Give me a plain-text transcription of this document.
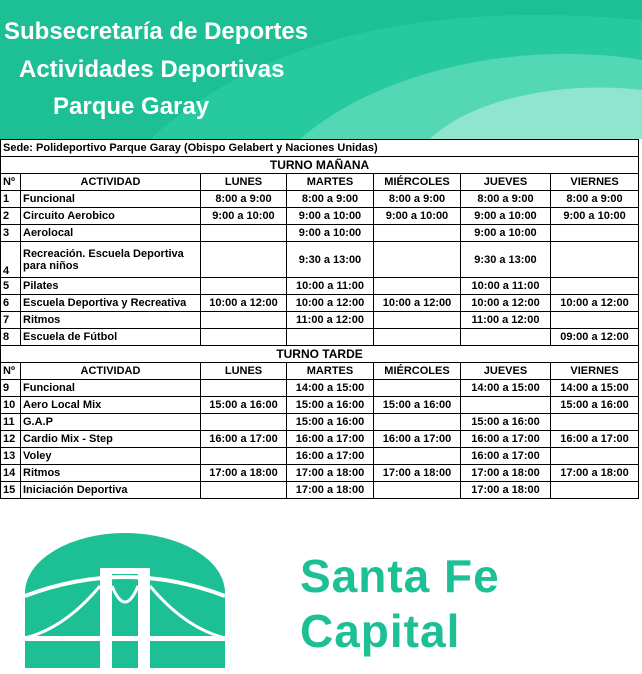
Subsecretaría de Deportes
Actividades Deportivas
Parque Garay
Sede: Polideportivo Parque Garay (Obispo Gelabert y Naciones Unidas)						
TURNO MAÑANA						
Nº	ACTIVIDAD	LUNES	MARTES	MIÉRCOLES	JUEVES	VIERNES
1	Funcional	8:00 a 9:00	8:00 a 9:00	8:00 a 9:00	8:00 a 9:00	8:00 a 9:00
2	Circuito Aerobico	9:00 a 10:00	9:00 a 10:00	9:00 a 10:00	9:00 a 10:00	9:00 a 10:00
3	Aerolocal		9:00 a 10:00		9:00 a 10:00	
4	Recreación. Escuela Deportiva para niños		9:30 a 13:00		9:30 a 13:00	
5	Pilates		10:00 a 11:00		10:00 a 11:00	
6	Escuela Deportiva y Recreativa	10:00 a 12:00	10:00 a 12:00	10:00 a 12:00	10:00 a 12:00	10:00 a 12:00
7	Ritmos		11:00 a 12:00		11:00 a 12:00	
8	Escuela de Fútbol					09:00 a 12:00
TURNO TARDE						
Nº	ACTIVIDAD	LUNES	MARTES	MIÉRCOLES	JUEVES	VIERNES
9	Funcional		14:00 a 15:00		14:00 a 15:00	14:00 a 15:00
10	Aero Local Mix	15:00 a 16:00	15:00 a 16:00	15:00 a 16:00		15:00 a 16:00
11	G.A.P		15:00 a 16:00		15:00 a 16:00	
12	Cardio Mix - Step	16:00 a 17:00	16:00 a 17:00	16:00 a 17:00	16:00 a 17:00	16:00 a 17:00
13	Voley		16:00 a 17:00		16:00 a 17:00	
14	Ritmos	17:00 a 18:00	17:00 a 18:00	17:00 a 18:00	17:00 a 18:00	17:00 a 18:00
15	Iniciación Deportiva		17:00 a 18:00		17:00 a 18:00	
Santa Fe
Capital
